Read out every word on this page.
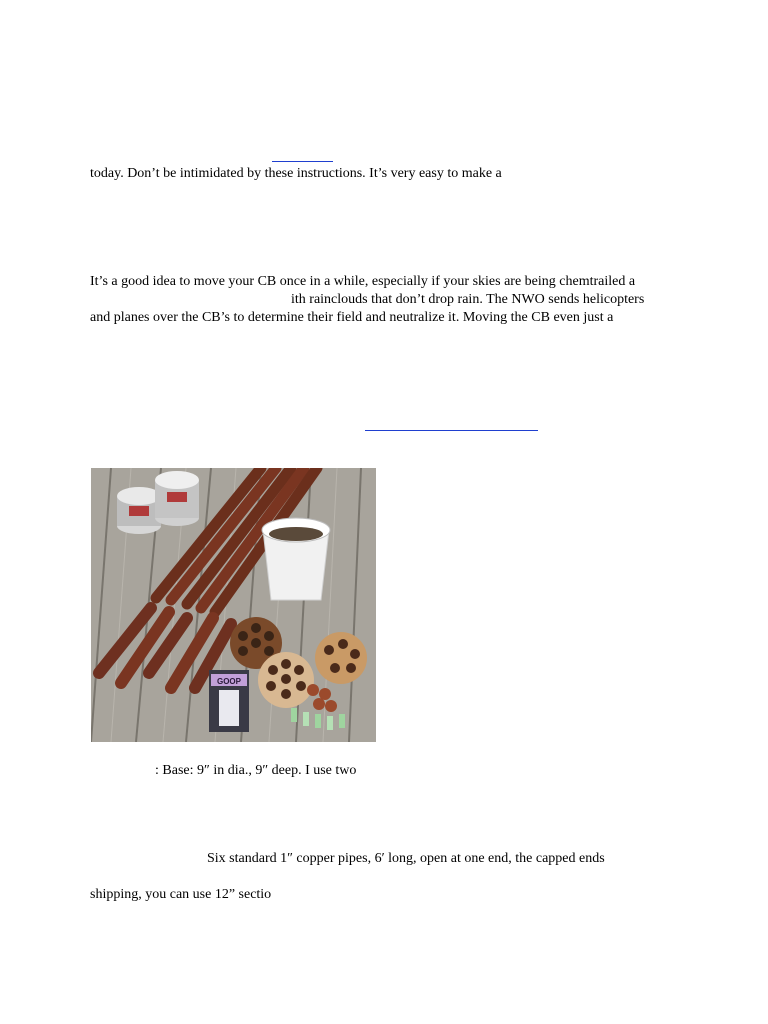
today. Don’t be intimidated by these instructions. It’s very easy to make a
It’s a good idea to move your CB once in a while, especially if your skies are being chemtrailed a
ith rainclouds that don’t drop rain. The NWO sends helicopters
and planes over the CB’s to determine their field and neutralize it. Moving the CB even just a
GOOP
: Base: 9″ in dia., 9″ deep. I use two
Six standard 1″ copper pipes, 6′ long, open at one end, the capped ends
shipping, you can use 12” sectio
